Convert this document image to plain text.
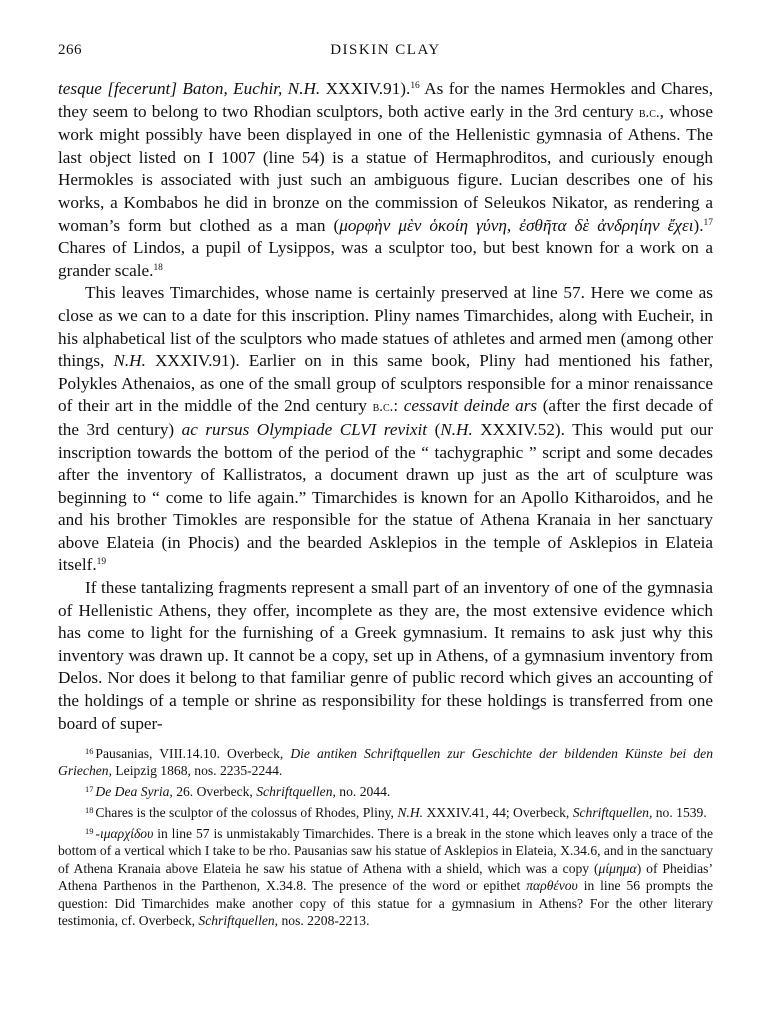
266	DISKIN CLAY

tesque [fecerunt] Baton, Euchir, N.H. XXXIV.91).$^{16}$ As for the names Hermokles and Chares, they seem to belong to two Rhodian sculptors, both active early in the 3rd century b.c., whose work might possibly have been displayed in one of the Hellenistic gymnasia of Athens. The last object listed on I 1007 (line 54) is a statue of Hermaphroditos, and curiously enough Hermokles is associated with just such an ambiguous figure. Lucian describes one of his works, a Kombabos he did in bronze on the commission of Seleukos Nikator, as rendering a woman’s form but clothed as a man (μορφὴν μὲν ὁκοίη γύνη, ἐσθῆτα δὲ ἀνδρηίην ἔχει).$^{17}$ Chares of Lindos, a pupil of Lysippos, was a sculptor too, but best known for a work on a grander scale.$^{18}$

This leaves Timarchides, whose name is certainly preserved at line 57. Here we come as close as we can to a date for this inscription. Pliny names Timarchides, along with Eucheir, in his alphabetical list of the sculptors who made statues of athletes and armed men (among other things, N.H. XXXIV.91). Earlier on in this same book, Pliny had mentioned his father, Polykles Athenaios, as one of the small group of sculptors responsible for a minor renaissance of their art in the middle of the 2nd century b.c.: cessavit deinde ars (after the first decade of the 3rd century) ac rursus Olympiade CLVI revixit (N.H. XXXIV.52). This would put our inscription towards the bottom of the period of the “ tachygraphic ” script and some decades after the inventory of Kallistratos, a document drawn up just as the art of sculpture was beginning to “ come to life again.” Timarchides is known for an Apollo Kitharoidos, and he and his brother Timokles are responsible for the statue of Athena Kranaia in her sanctuary above Elateia (in Phocis) and the bearded Asklepios in the temple of Asklepios in Elateia itself.$^{19}$

If these tantalizing fragments represent a small part of an inventory of one of the gymnasia of Hellenistic Athens, they offer, incomplete as they are, the most extensive evidence which has come to light for the furnishing of a Greek gymnasium. It remains to ask just why this inventory was drawn up. It cannot be a copy, set up in Athens, of a gymnasium inventory from Delos. Nor does it belong to that familiar genre of public record which gives an accounting of the holdings of a temple or shrine as responsibility for these holdings is transferred from one board of super-

$^{16}$ Pausanias, VIII.14.10. Overbeck, Die antiken Schriftquellen zur Geschichte der bildenden Künste bei den Griechen, Leipzig 1868, nos. 2235-2244.

$^{17}$ De Dea Syria, 26. Overbeck, Schriftquellen, no. 2044.

$^{18}$ Chares is the sculptor of the colossus of Rhodes, Pliny, N.H. XXXIV.41, 44; Overbeck, Schriftquellen, no. 1539.

$^{19}$ -ιμαρχίδου in line 57 is unmistakably Timarchides. There is a break in the stone which leaves only a trace of the bottom of a vertical which I take to be rho. Pausanias saw his statue of Asklepios in Elateia, X.34.6, and in the sanctuary of Athena Kranaia above Elateia he saw his statue of Athena with a shield, which was a copy (μίμημα) of Pheidias’ Athena Parthenos in the Parthenon, X.34.8. The presence of the word or epithet παρθένου in line 56 prompts the question: Did Timarchides make another copy of this statue for a gymnasium in Athens? For the other literary testimonia, cf. Overbeck, Schriftquellen, nos. 2208-2213.
